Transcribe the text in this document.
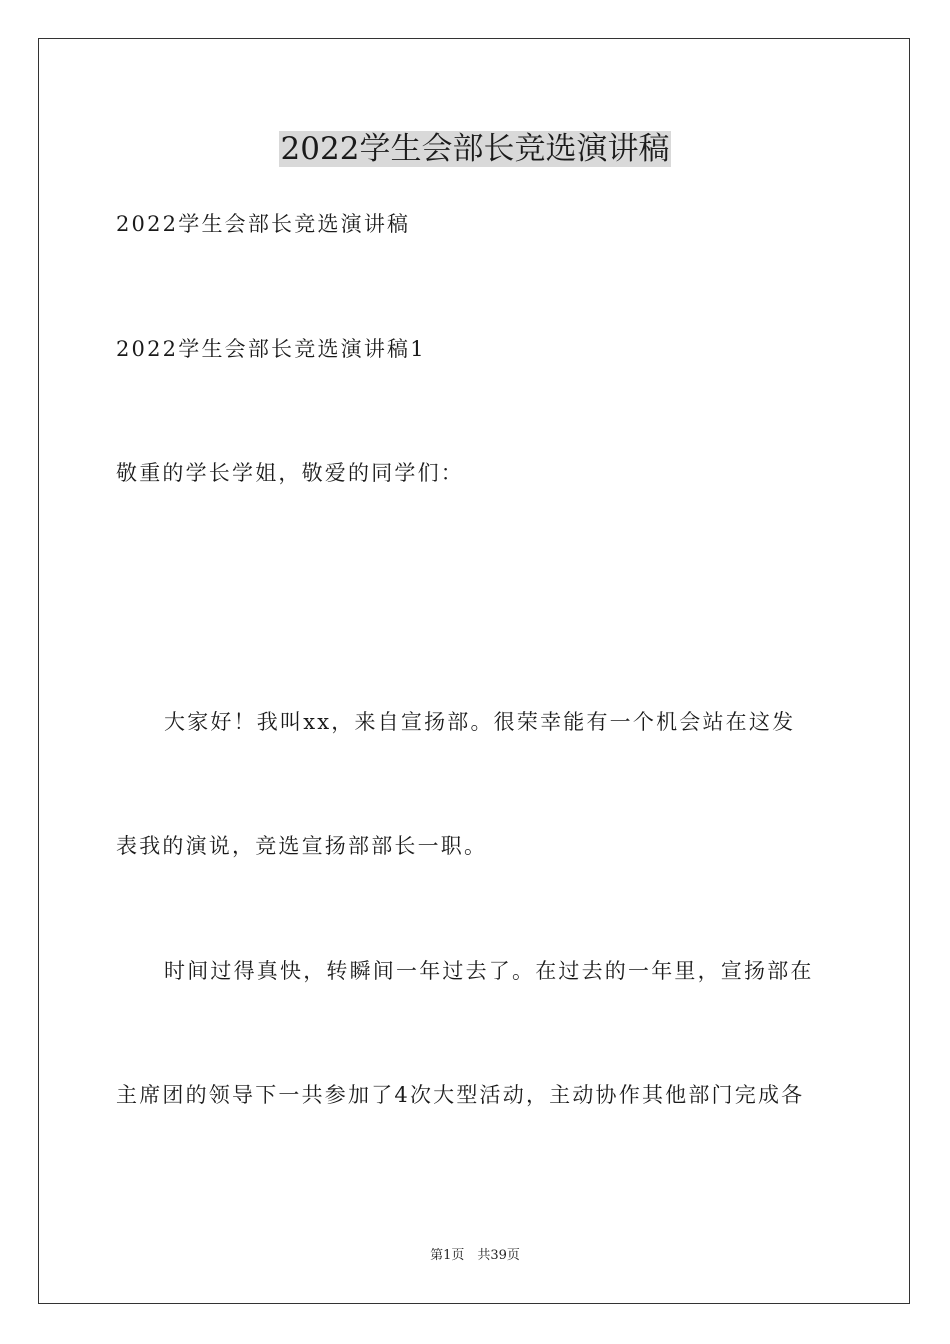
2022学生会部长竞选演讲稿

2022学生会部长竞选演讲稿

2022学生会部长竞选演讲稿1

敬重的学长学姐，敬爱的同学们：

大家好！我叫xx，来自宣扬部。很荣幸能有一个机会站在这发

表我的演说，竞选宣扬部部长一职。

时间过得真快，转瞬间一年过去了。在过去的一年里，宣扬部在

主席团的领导下一共参加了4次大型活动，主动协作其他部门完成各

第1页　共39页
